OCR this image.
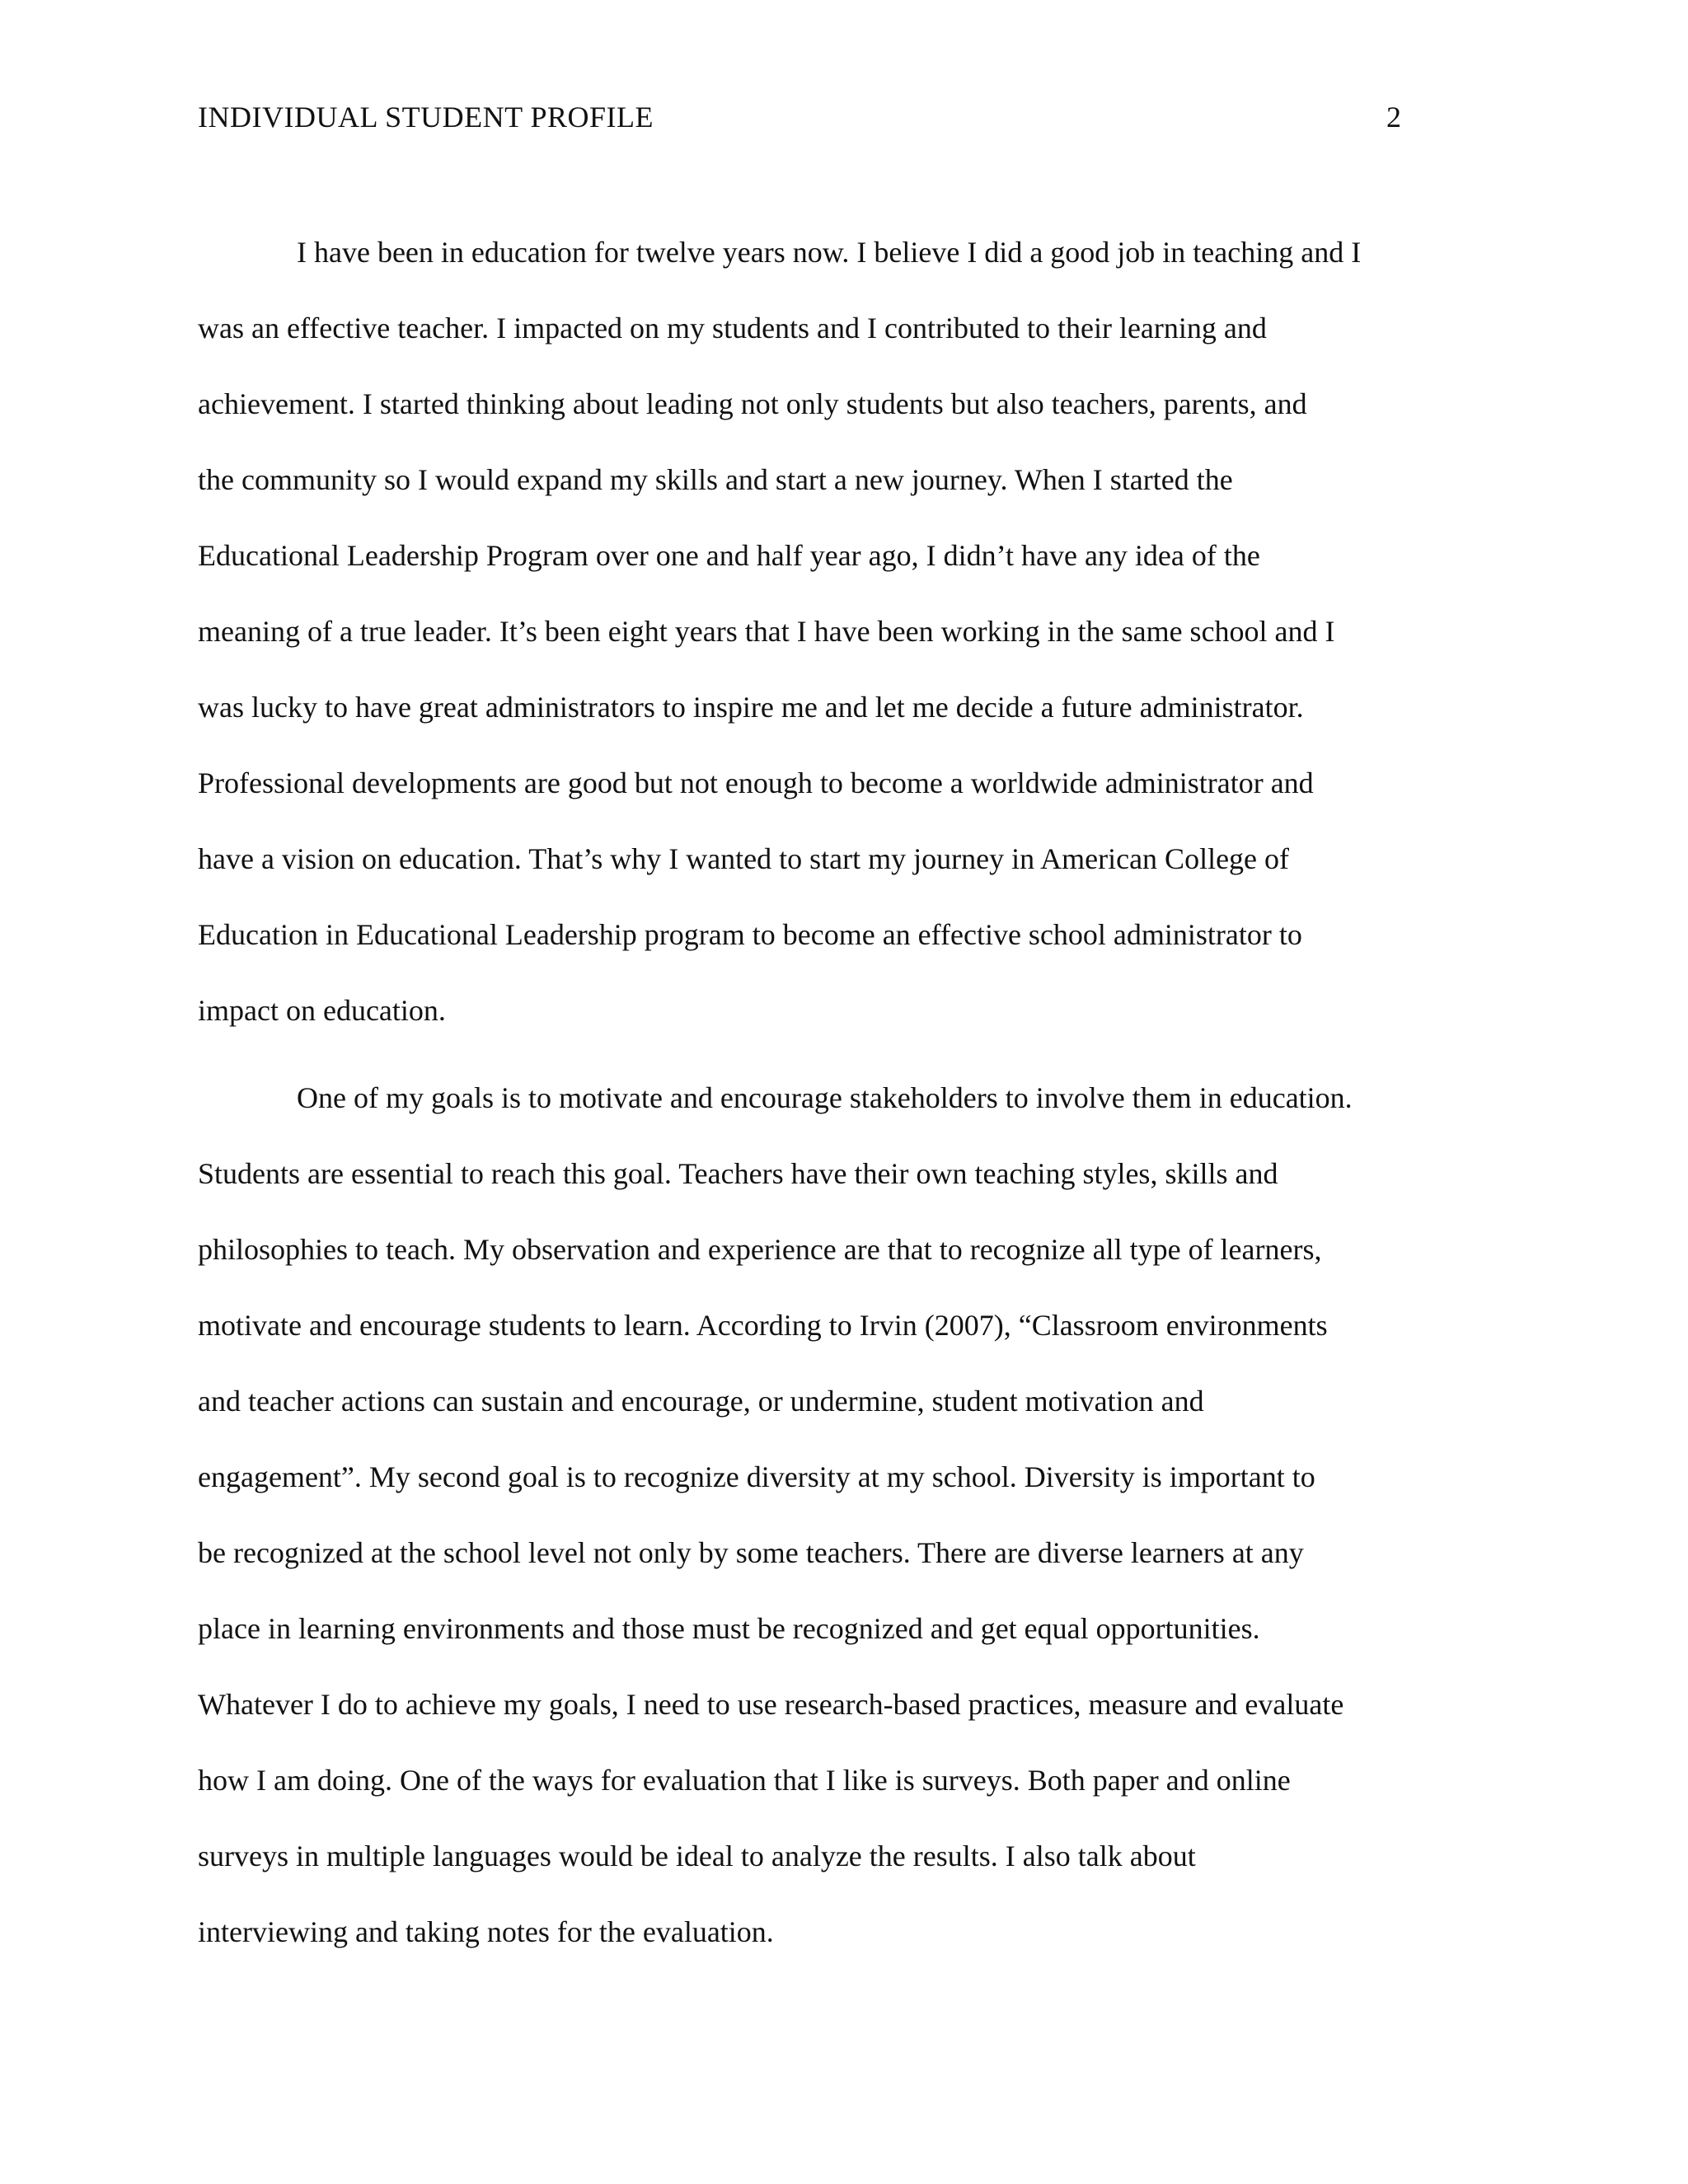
INDIVIDUAL STUDENT PROFILE	2

I have been in education for twelve years now. I believe I did a good job in teaching and I
was an effective teacher. I impacted on my students and I contributed to their learning and
achievement. I started thinking about leading not only students but also teachers, parents, and
the community so I would expand my skills and start a new journey. When I started the
Educational Leadership Program over one and half year ago, I didn’t have any idea of the
meaning of a true leader. It’s been eight years that I have been working in the same school and I
was lucky to have great administrators to inspire me and let me decide a future administrator.
Professional developments are good but not enough to become a worldwide administrator and
have a vision on education. That’s why I wanted to start my journey in American College of
Education in Educational Leadership program to become an effective school administrator to
impact on education.

One of my goals is to motivate and encourage stakeholders to involve them in education.
Students are essential to reach this goal. Teachers have their own teaching styles, skills and
philosophies to teach. My observation and experience are that to recognize all type of learners,
motivate and encourage students to learn. According to Irvin (2007), “Classroom environments
and teacher actions can sustain and encourage, or undermine, student motivation and
engagement”. My second goal is to recognize diversity at my school. Diversity is important to
be recognized at the school level not only by some teachers. There are diverse learners at any
place in learning environments and those must be recognized and get equal opportunities.
Whatever I do to achieve my goals, I need to use research-based practices, measure and evaluate
how I am doing. One of the ways for evaluation that I like is surveys. Both paper and online
surveys in multiple languages would be ideal to analyze the results. I also talk about
interviewing and taking notes for the evaluation.
